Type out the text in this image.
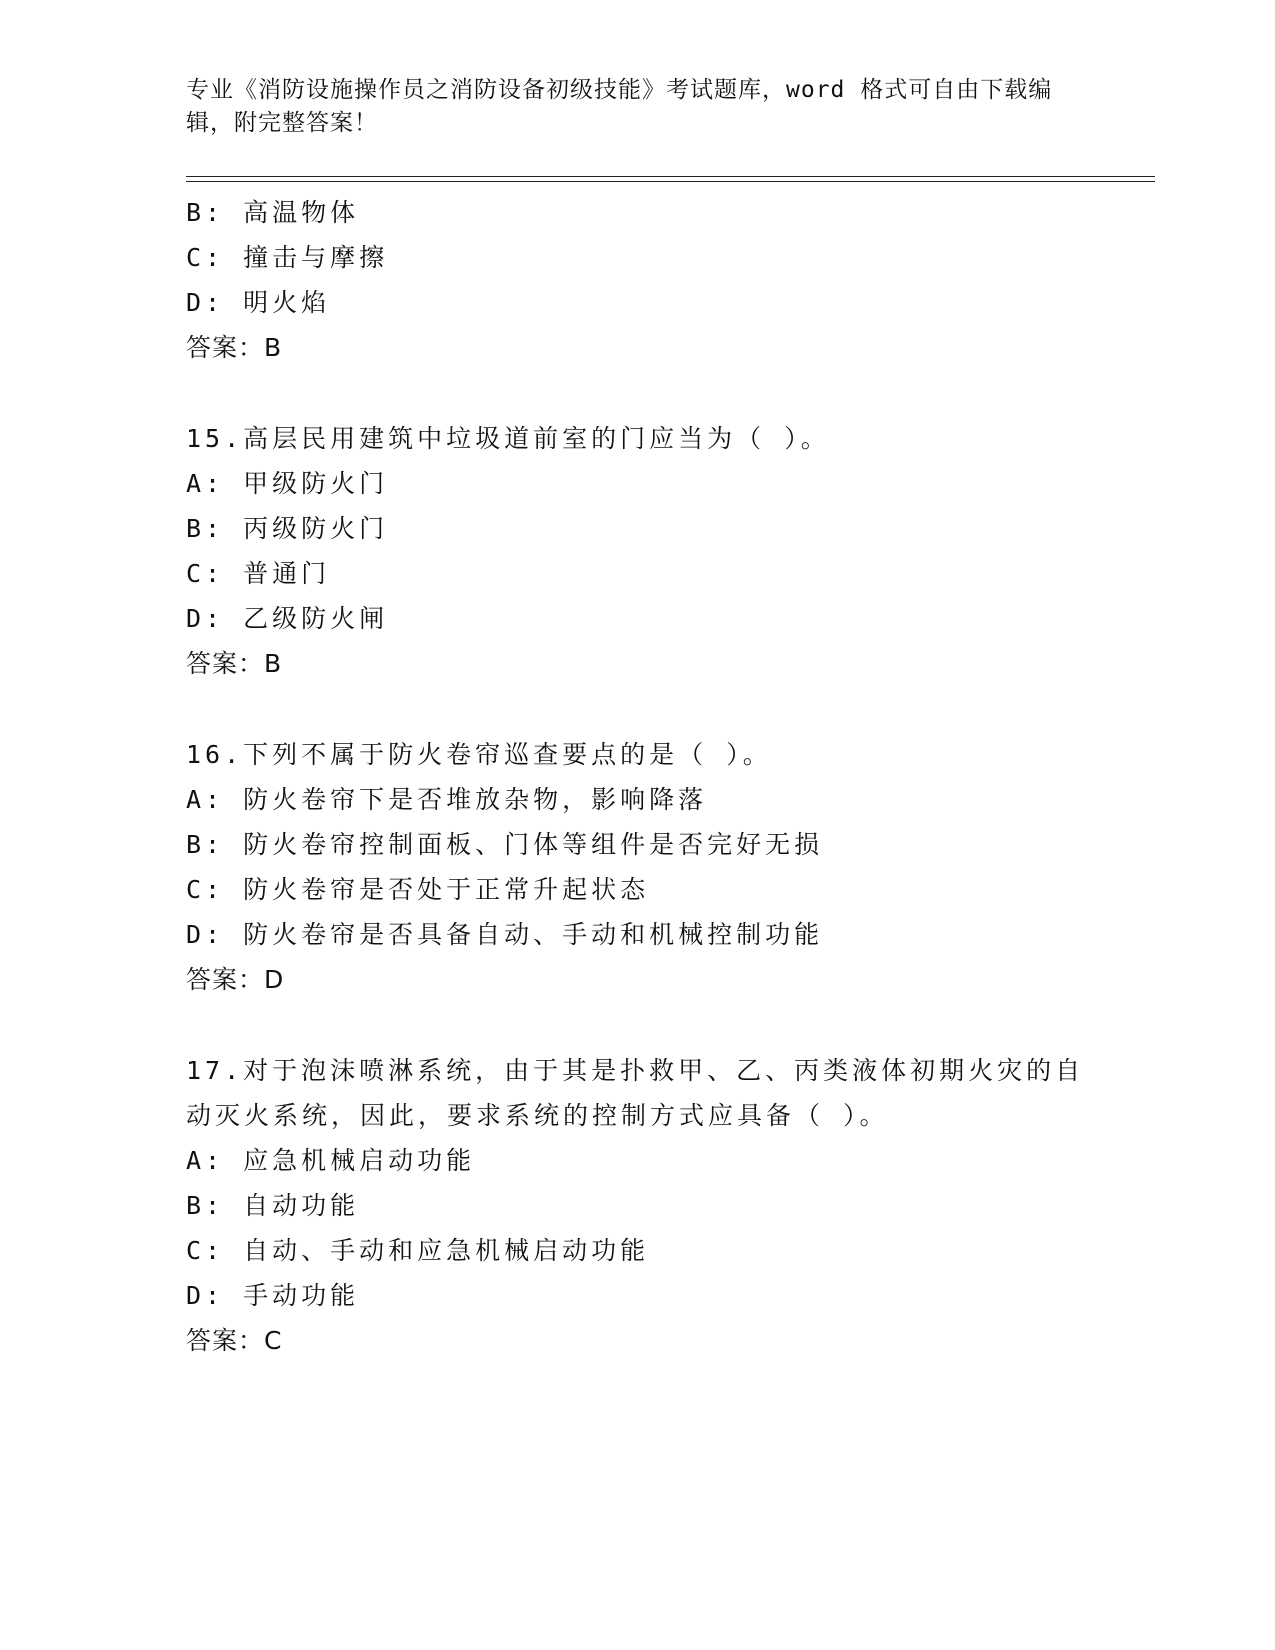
专业《消防设施操作员之消防设备初级技能》考试题库，word 格式可自由下载编辑，附完整答案！
B: 高温物体
C: 撞击与摩擦
D: 明火焰
答案：B
15.高层民用建筑中垃圾道前室的门应当为（ ）。
A: 甲级防火门
B: 丙级防火门
C: 普通门
D: 乙级防火闸
答案：B
16.下列不属于防火卷帘巡查要点的是（ ）。
A: 防火卷帘下是否堆放杂物，影响降落
B: 防火卷帘控制面板、门体等组件是否完好无损
C: 防火卷帘是否处于正常升起状态
D: 防火卷帘是否具备自动、手动和机械控制功能
答案：D
17.对于泡沫喷淋系统，由于其是扑救甲、乙、丙类液体初期火灾的自动灭火系统，因此，要求系统的控制方式应具备（ ）。
A: 应急机械启动功能
B: 自动功能
C: 自动、手动和应急机械启动功能
D: 手动功能
答案：C
